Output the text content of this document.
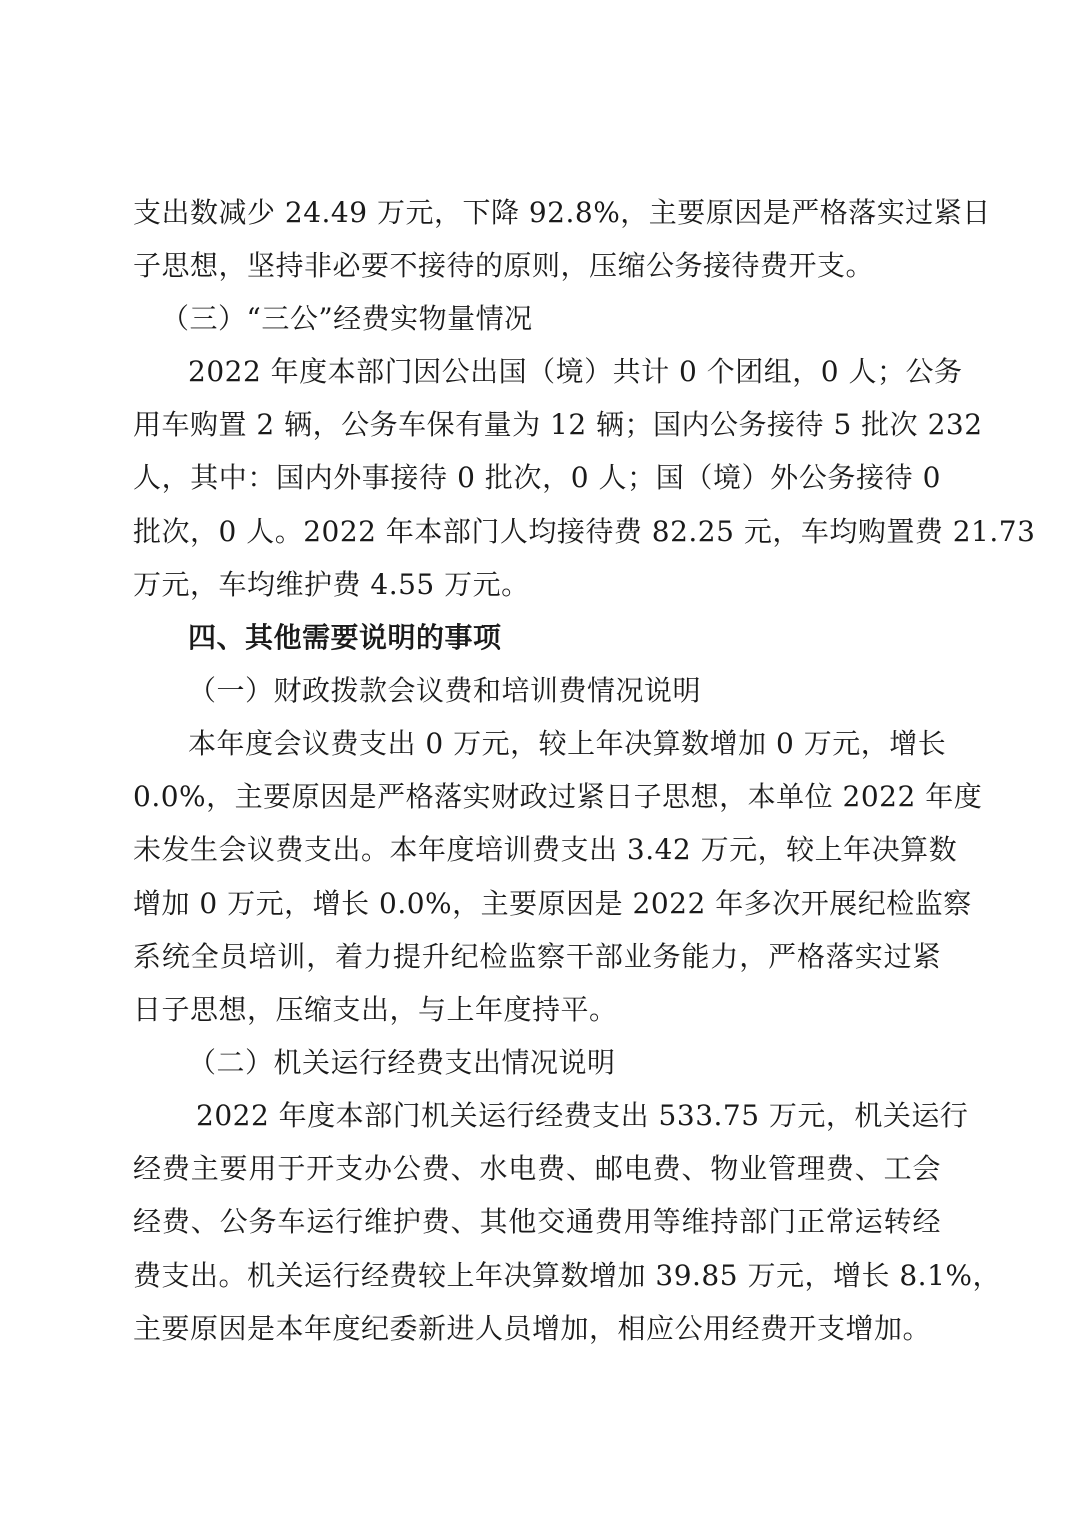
支出数减少 24.49 万元，下降 92.8%，主要原因是严格落实过紧日
子思想，坚持非必要不接待的原则，压缩公务接待费开支。
（三）“三公”经费实物量情况
2022 年度本部门因公出国（境）共计 0 个团组，0 人；公务
用车购置 2 辆，公务车保有量为 12 辆；国内公务接待 5 批次 232
人，其中：国内外事接待 0 批次，0 人；国（境）外公务接待 0
批次，0 人。2022 年本部门人均接待费 82.25 元，车均购置费 21.73
万元，车均维护费 4.55 万元。
四、其他需要说明的事项
（一）财政拨款会议费和培训费情况说明
本年度会议费支出 0 万元，较上年决算数增加 0 万元，增长
0.0%，主要原因是严格落实财政过紧日子思想，本单位 2022 年度
未发生会议费支出。本年度培训费支出 3.42 万元，较上年决算数
增加 0 万元，增长 0.0%，主要原因是 2022 年多次开展纪检监察
系统全员培训，着力提升纪检监察干部业务能力，严格落实过紧
日子思想，压缩支出，与上年度持平。
（二）机关运行经费支出情况说明
2022 年度本部门机关运行经费支出 533.75 万元，机关运行
经费主要用于开支办公费、水电费、邮电费、物业管理费、工会
经费、公务车运行维护费、其他交通费用等维持部门正常运转经
费支出。机关运行经费较上年决算数增加 39.85 万元，增长 8.1%，
主要原因是本年度纪委新进人员增加，相应公用经费开支增加。
